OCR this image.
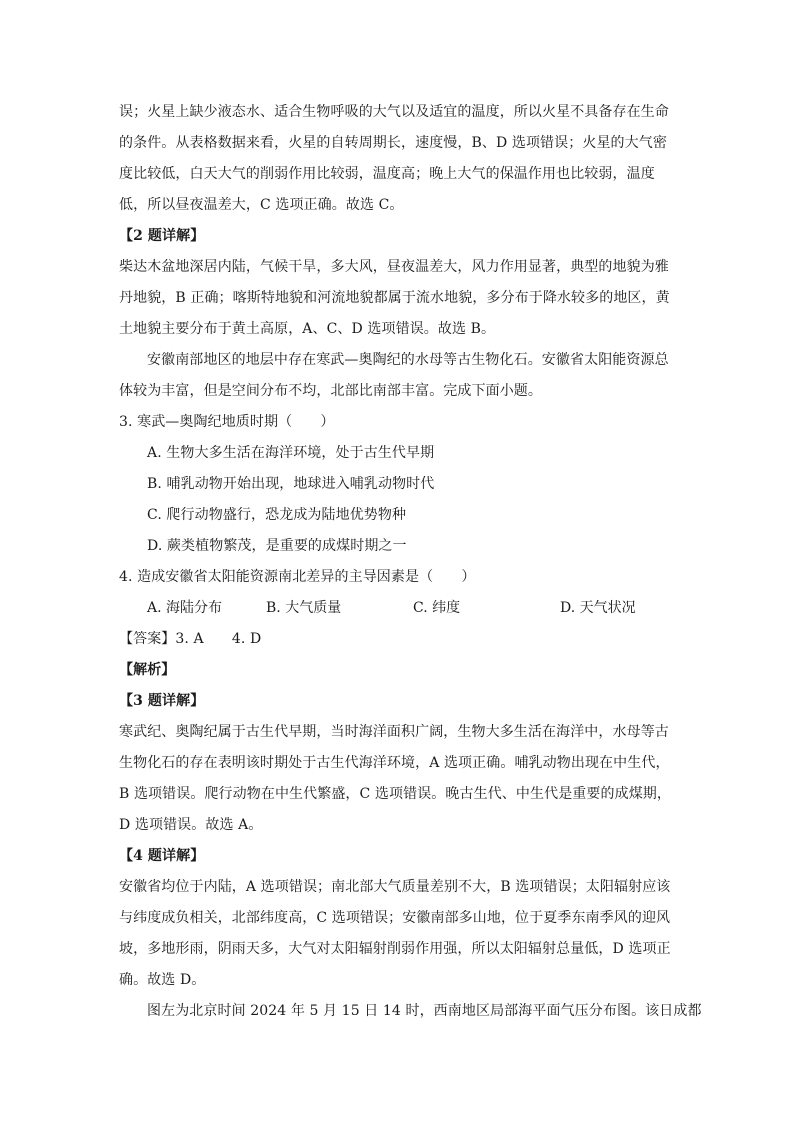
误；火星上缺少液态水、适合生物呼吸的大气以及适宜的温度，所以火星不具备存在生命
的条件。从表格数据来看，火星的自转周期长，速度慢，B、D 选项错误；火星的大气密
度比较低，白天大气的削弱作用比较弱，温度高；晚上大气的保温作用也比较弱，温度
低，所以昼夜温差大，C 选项正确。故选 C。
【2 题详解】
柴达木盆地深居内陆，气候干旱，多大风，昼夜温差大，风力作用显著，典型的地貌为雅
丹地貌，B 正确；喀斯特地貌和河流地貌都属于流水地貌，多分布于降水较多的地区，黄
土地貌主要分布于黄土高原，A、C、D 选项错误。故选 B。
安徽南部地区的地层中存在寒武—奥陶纪的水母等古生物化石。安徽省太阳能资源总
体较为丰富，但是空间分布不均，北部比南部丰富。完成下面小题。
3. 寒武—奥陶纪地质时期（　　）
A. 生物大多生活在海洋环境，处于古生代早期
B. 哺乳动物开始出现，地球进入哺乳动物时代
C. 爬行动物盛行，恐龙成为陆地优势物种
D. 蕨类植物繁茂，是重要的成煤时期之一
4. 造成安徽省太阳能资源南北差异的主导因素是（　　）
A. 海陆分布	B. 大气质量	C. 纬度	D. 天气状况
【答案】3. A　　4. D
【解析】
【3 题详解】
寒武纪、奥陶纪属于古生代早期，当时海洋面积广阔，生物大多生活在海洋中，水母等古
生物化石的存在表明该时期处于古生代海洋环境，A 选项正确。哺乳动物出现在中生代，
B 选项错误。爬行动物在中生代繁盛，C 选项错误。晚古生代、中生代是重要的成煤期，
D 选项错误。故选 A。
【4 题详解】
安徽省均位于内陆，A 选项错误；南北部大气质量差别不大，B 选项错误；太阳辐射应该
与纬度成负相关，北部纬度高，C 选项错误；安徽南部多山地，位于夏季东南季风的迎风
坡，多地形雨，阴雨天多，大气对太阳辐射削弱作用强，所以太阳辐射总量低，D 选项正
确。故选 D。
图左为北京时间 2024 年 5 月 15 日 14 时，西南地区局部海平面气压分布图。该日成都
